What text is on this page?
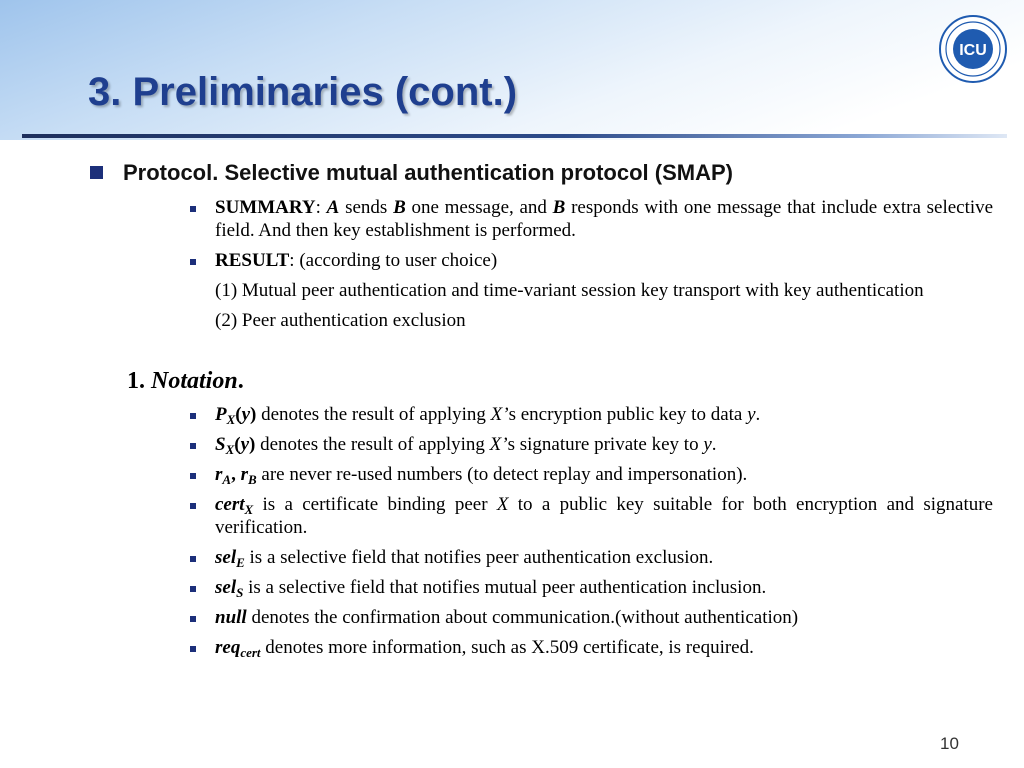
3. Preliminaries (cont.)
ICU
Protocol. Selective mutual authentication protocol (SMAP)
SUMMARY: A sends B one message, and B responds with one message that include extra selective field. And then key establishment is performed.
RESULT: (according to user choice)
(1) Mutual peer authentication and time-variant session key transport with key authentication
(2) Peer authentication exclusion
1. Notation.
$P_X(y)$ denotes the result of applying X’s encryption public key to data y.
$S_X(y)$ denotes the result of applying X’s signature private key to y.
$r_A$, $r_B$ are never re-used numbers (to detect replay and impersonation).
cert$_X$ is a certificate binding peer X to a public key suitable for both encryption and signature verification.
sel$_E$ is a selective field that notifies peer authentication exclusion.
sel$_S$ is a selective field that notifies mutual peer authentication inclusion.
null denotes the confirmation about communication.(without authentication)
req$_{cert}$ denotes more information, such as X.509 certificate, is required.
10
